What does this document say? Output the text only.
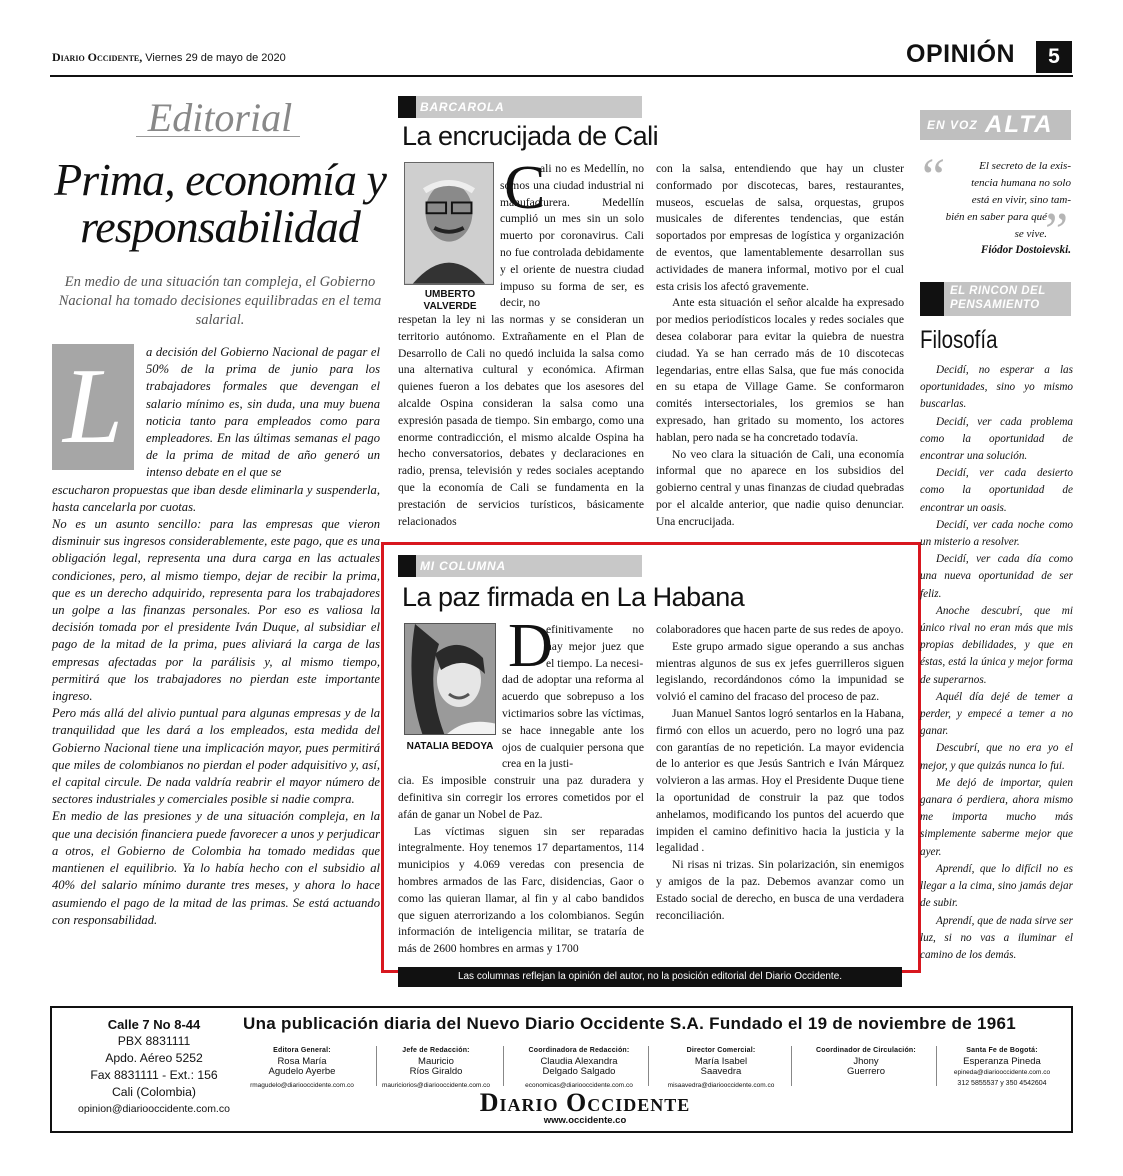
Diario Occidente, Viernes 29 de mayo de 2020	OPINIÓN	5
Editorial
Prima, economía y responsabilidad
En medio de una situación tan compleja, el Gobierno Nacional ha tomado decisiones equilibradas en el tema salarial.

a decisión del Gobierno Nacional de pagar el 50% de la prima de junio para los trabajadores formales que devengan el salario mínimo es, sin duda, una muy buena noticia tanto para empleados como para empleadores. En las últimas semanas el pago de la prima de mitad de año generó un intenso debate en el que se

escucharon propuestas que iban desde eliminarla y suspenderla, hasta cancelarla por cuotas.

No es un asunto sencillo: para las empresas que vieron disminuir sus ingresos considerablemente, este pago, que es una obligación legal, representa una dura carga en las actuales condiciones, pero, al mismo tiempo, dejar de recibir la prima, que es un derecho adquirido, representa para los trabajadores un golpe a las finanzas personales. Por eso es valiosa la decisión tomada por el presidente Iván Duque, al subsidiar el pago de la mitad de la prima, pues aliviará la carga de las empresas afectadas por la parálisis y, al mismo tiempo, permitirá que los trabajadores no pierdan este importante ingreso.

Pero más allá del alivio puntual para algunas empresas y de la tranquilidad que les dará a los empleados, esta medida del Gobierno Nacional tiene una implicación mayor, pues permitirá que miles de colombianos no pierdan el poder adquisitivo y, así, el capital circule. De nada valdría reabrir el mayor número de sectores industriales y comerciales posible si nadie compra.

En medio de las presiones y de una situación compleja, en la que una decisión financiera puede favorecer a unos y perjudicar a otros, el Gobierno de Colombia ha tomado medidas que mantienen el equilibrio. Ya lo había hecho con el subsidio al 40% del salario mínimo durante tres meses, y ahora lo hace asumiendo el pago de la mitad de las primas. Se está actuando con responsabilidad.

L
BARCAROLA
La encrucijada de Cali
UMBERTO VALVERDE
C

ali no es Medellín, no somos una ciudad industrial ni manufacturera. Medellín cumplió un mes sin un solo muerto por coronavirus. Cali no fue controlada debidamente y el oriente de nuestra ciudad impuso su forma de ser, es decir, no

respetan la ley ni las normas y se consideran un territorio autónomo. Extrañamente en el Plan de Desarrollo de Cali no quedó incluida la salsa como una alternativa cultural y económica. Afirman quienes fueron a los debates que los asesores del alcalde Ospina consideran la salsa como una expresión pasada de tiempo. Sin embargo, como una enorme contradicción, el mismo alcalde Ospina ha hecho conversatorios, debates y declaraciones en radio, prensa, televisión y redes sociales aceptando que la economía de Cali se fundamenta en la prestación de servicios turísticos, básicamente relacionados

con la salsa, entendiendo que hay un cluster conformado por discotecas, bares, restaurantes, museos, escuelas de salsa, orquestas, grupos musicales de diferentes tendencias, que están soportados por empresas de logística y organización de eventos, que lamentablemente desarrollan sus actividades de manera informal, motivo por el cual esta crisis los afectó gravemente.

Ante esta situación el señor alcalde ha expresado por medios periodísticos locales y redes sociales que desea colaborar para evitar la quiebra de nuestra ciudad. Ya se han cerrado más de 10 discotecas legendarias, entre ellas Salsa, que fue más conocida en su etapa de Village Game. Se conformaron comités intersectoriales, los gremios se han expresado, han gritado su momento, los actores hablan, pero nada se ha concretado todavía.

No veo clara la situación de Cali, una economía informal que no aparece en los subsidios del gobierno central y unas finanzas de ciudad quebradas por el alcalde anterior, que nadie quiso denunciar. Una encrucijada.

MI COLUMNA
La paz firmada en La Habana
NATALIA BEDOYA
D

efinitivamente no hay mejor juez que el tiempo. La necesi-

dad de adoptar una reforma al acuerdo que sobrepuso a los victimarios sobre las víctimas, se hace innegable ante los ojos de cualquier persona que crea en la justi-

cia. Es imposible construir una paz duradera y definitiva sin corregir los errores cometidos por el afán de ganar un Nobel de Paz.

Las víctimas siguen sin ser reparadas integralmente. Hoy tenemos 17 departamentos, 114 municipios y 4.069 veredas con presencia de hombres armados de las Farc, disidencias, Gaor o como las quieran llamar, al fin y al cabo bandidos que siguen aterrorizando a los colombianos. Según información de inteligencia militar, se trataría de más de 2600 hombres en armas y 1700

colaboradores que hacen parte de sus redes de apoyo.

Este grupo armado sigue operando a sus anchas mientras algunos de sus ex jefes guerrilleros siguen legislando, recordándonos cómo la impunidad se volvió el camino del fracaso del proceso de paz.

Juan Manuel Santos logró sentarlos en la Habana, firmó con ellos un acuerdo, pero no logró una paz con garantías de no repetición. La mayor evidencia de lo anterior es que Jesús Santrich e Iván Márquez volvieron a las armas. Hoy el Presidente Duque tiene la oportunidad de construir la paz que todos anhelamos, modificando los puntos del acuerdo que impiden el camino definitivo hacia la justicia y la legalidad .

Ni risas ni trizas. Sin polarización, sin enemigos y amigos de la paz. Debemos avanzar como un Estado social de derecho, en busca de una verdadera reconciliación.

Las columnas reflejan la opinión del autor, no la posición editorial del Diario Occidente.
EN VOZ ALTA
“
”
El secreto de la exis-
tencia humana no solo
está en vivir, sino tam-
bién en saber para qué
se vive.
Fiódor Dostoievski.
EL RINCON DEL PENSAMIENTO
Filosofía

Decidí, no esperar a las oportunidades, sino yo mismo buscarlas.

Decidí, ver cada problema como la oportunidad de encontrar una solución.

Decidí, ver cada desierto como la oportunidad de encontrar un oasis.

Decidí, ver cada noche como un misterio a resolver.

Decidí, ver cada día como una nueva oportunidad de ser feliz.

Anoche descubrí, que mi único rival no eran más que mis propias debilidades, y que en éstas, está la única y mejor forma de superarnos.

Aquél día dejé de temer a perder, y empecé a temer a no ganar.

Descubrí, que no era yo el mejor, y que quizás nunca lo fui.

Me dejó de importar, quien ganara ó perdiera, ahora mismo me importa mucho más simplemente saberme mejor que ayer.

Aprendí, que lo difícil no es llegar a la cima, sino jamás dejar de subir.

Aprendí, que de nada sirve ser luz, si no vas a iluminar el camino de los demás.

Calle 7 No 8-44
PBX 8831111
Apdo. Aéreo 5252
Fax 8831111 - Ext.: 156
Cali (Colombia)
opinion@diariooccidente.com.co
Una publicación diaria del Nuevo Diario Occidente S.A. Fundado el 19 de noviembre de 1961
Editora General:
Rosa María
Agudelo Ayerbe
rmagudelo@diariooccidente.com.co
Jefe de Redacción:
Mauricio
Ríos Giraldo
mauriciorios@diariooccidente.com.co
Coordinadora de Redacción:
Claudia Alexandra
Delgado Salgado
economicas@diariooccidente.com.co
Director Comercial:
María Isabel
Saavedra
misaavedra@diariooccidente.com.co
Coordinador de Circulación:
Jhony
Guerrero
Santa Fe de Bogotá:
Esperanza Pineda
epineda@diariooccidente.com.co
312 5855537 y 350 4542604
Diario Occidente
www.occidente.co
